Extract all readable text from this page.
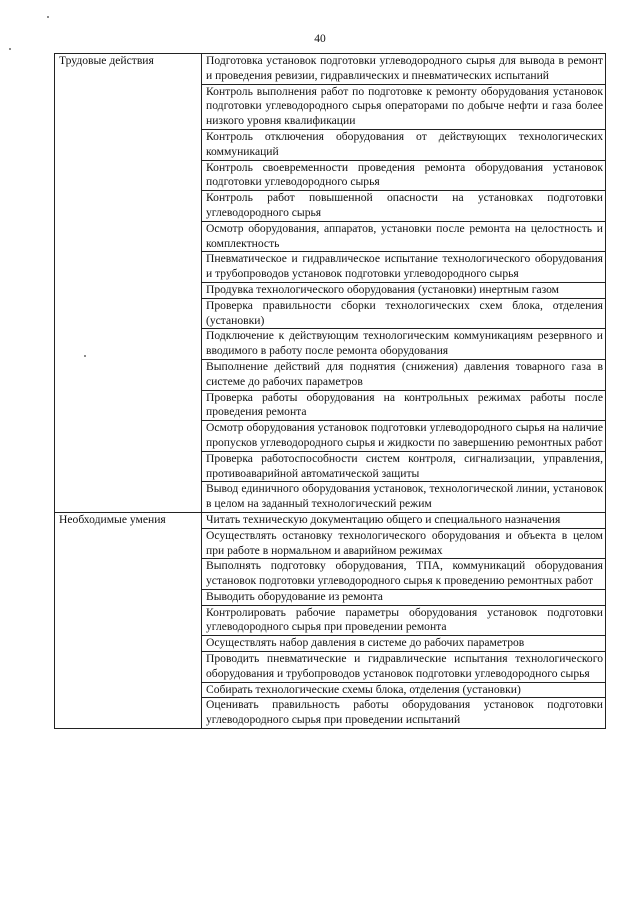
40
Трудовые действия	Подготовка установок подготовки углеводородного сырья для вывода в ремонт и проведения ревизии, гидравлических и пневматических испытаний
	Контроль выполнения работ по подготовке к ремонту оборудования установок подготовки углеводородного сырья операторами по добыче нефти и газа более низкого уровня квалификации
	Контроль отключения оборудования от действующих технологических коммуникаций
	Контроль своевременности проведения ремонта оборудования установок подготовки углеводородного сырья
	Контроль работ повышенной опасности на установках подготовки углеводородного сырья
	Осмотр оборудования, аппаратов, установки после ремонта на целостность и комплектность
	Пневматическое и гидравлическое испытание технологического оборудования и трубопроводов установок подготовки углеводородного сырья
	Продувка технологического оборудования (установки) инертным газом
	Проверка правильности сборки технологических схем блока, отделения (установки)
	Подключение к действующим технологическим коммуникациям резервного и вводимого в работу после ремонта оборудования
	Выполнение действий для поднятия (снижения) давления товарного газа в системе до рабочих параметров
	Проверка работы оборудования на контрольных режимах работы после проведения ремонта
	Осмотр оборудования установок подготовки углеводородного сырья на наличие пропусков углеводородного сырья и жидкости по завершению ремонтных работ
	Проверка работоспособности систем контроля, сигнализации, управления, противоаварийной автоматической защиты
	Вывод единичного оборудования установок, технологической линии, установок в целом на заданный технологический режим
Необходимые умения	Читать техническую документацию общего и специального назначения
	Осуществлять остановку технологического оборудования и объекта в целом при работе в нормальном и аварийном режимах
	Выполнять подготовку оборудования, ТПА, коммуникаций оборудования установок подготовки углеводородного сырья к проведению ремонтных работ
	Выводить оборудование из ремонта
	Контролировать рабочие параметры оборудования установок подготовки углеводородного сырья при проведении ремонта
	Осуществлять набор давления в системе до рабочих параметров
	Проводить пневматические и гидравлические испытания технологического оборудования и трубопроводов установок подготовки углеводородного сырья
	Собирать технологические схемы блока, отделения (установки)
	Оценивать правильность работы оборудования установок подготовки углеводородного сырья при проведении испытаний
